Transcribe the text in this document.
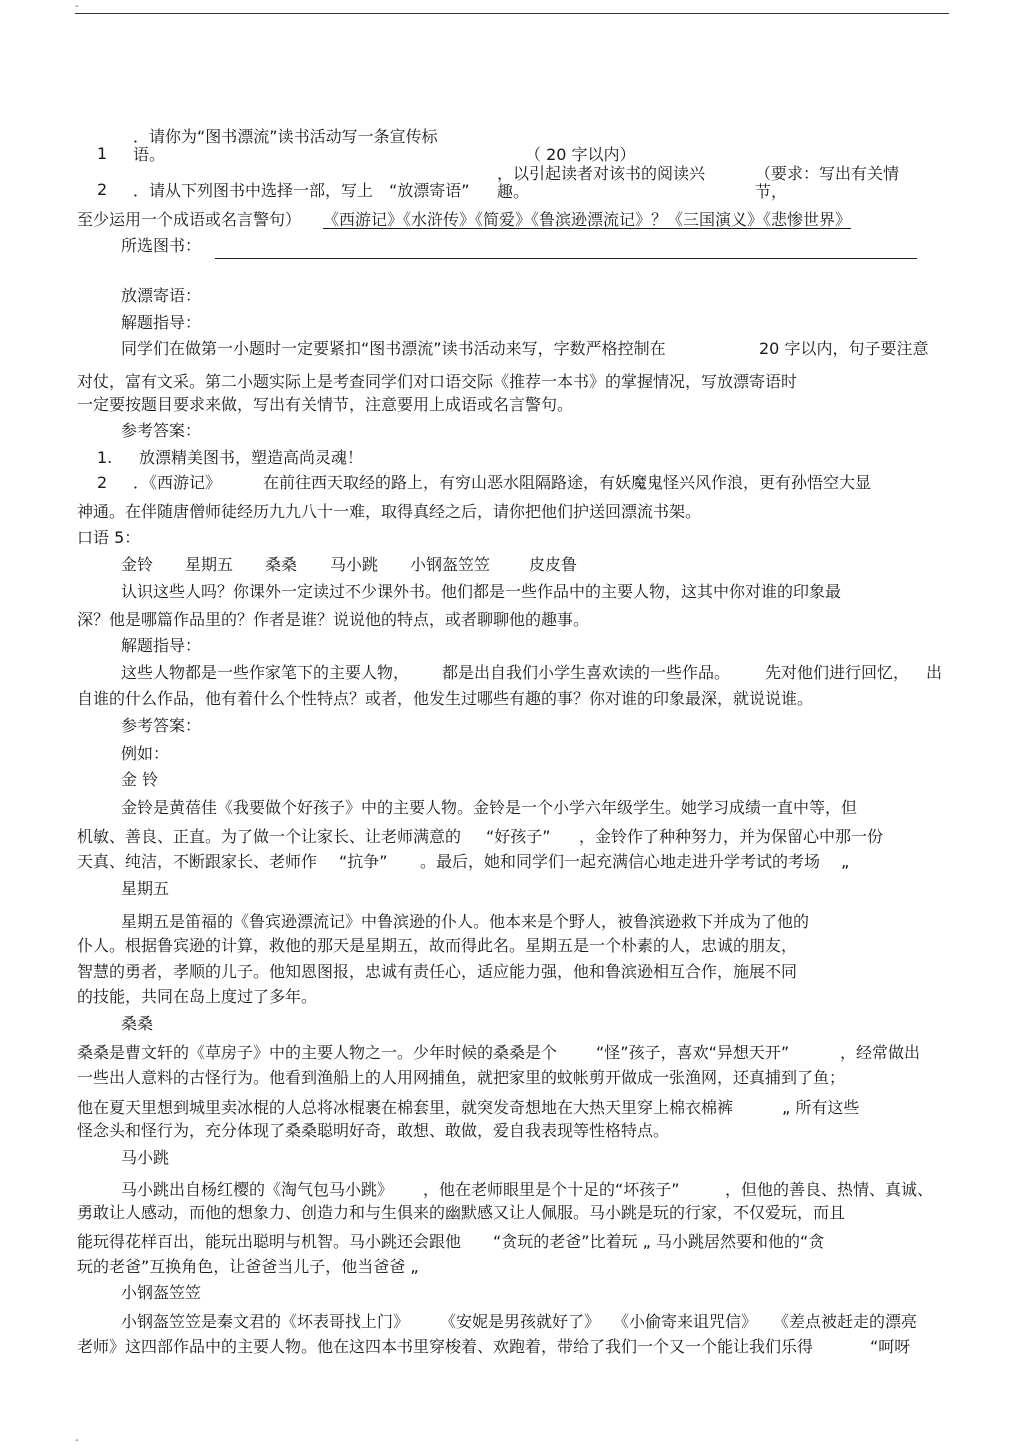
-
1
．请你为“图书漂流”读书活动写一条宣传标
语。	（ 20 字以内）
2 ．请从下列图书中选择一部，写上　“放漂寄语”
，以引起读者对该书的阅读兴
趣。
（要求：写出有关情
节，
至少运用一个成语或名言警句） 《西游记》《水浒传》《简爱》《鲁滨逊漂流记》？《三国演义》《悲惨世界》
所选图书：
放漂寄语：
解题指导：
同学们在做第一小题时一定要紧扣“图书漂流”读书活动来写，字数严格控制在	20 字以内，句子要注意
对仗，富有文采。第二小题实际上是考查同学们对口语交际《推荐一本书》的掌握情况，写放漂寄语时
一定要按题目要求来做，写出有关情节，注意要用上成语或名言警句。
参考答案：
1. 放漂精美图书，塑造高尚灵魂！
2 ．《西游记》	在前往西天取经的路上，有穷山恶水阻隔路途，有妖魔鬼怪兴风作浪，更有孙悟空大显
神通。在伴随唐僧师徒经历九九八十一难，取得真经之后，请你把他们护送回漂流书架。
口语 5：
金铃 星期五 桑桑 马小跳 小钢盔笠笠 皮皮鲁
认识这些人吗？你课外一定读过不少课外书。他们都是一些作品中的主要人物，这其中你对谁的印象最
深？他是哪篇作品里的？作者是谁？说说他的特点，或者聊聊他的趣事。
解题指导：
这些人物都是一些作家笔下的主要人物， 都是出自我们小学生喜欢读的一些作品。 先对他们进行回忆， 出
自谁的什么作品，他有着什么个性特点？或者，他发生过哪些有趣的事？你对谁的印象最深，就说说谁。
参考答案：
例如：
金 铃
金铃是黄蓓佳《我要做个好孩子》中的主要人物。金铃是一个小学六年级学生。她学习成绩一直中等，但
机敏、善良、正直。为了做一个让家长、让老师满意的 “好孩子” ，金铃作了种种努力，并为保留心中那一份
天真、纯洁，不断跟家长、老师作 “抗争” 。最后，她和同学们一起充满信心地走进升学考试的考场 „
星期五
星期五是笛福的《鲁宾逊漂流记》中鲁滨逊的仆人。他本来是个野人，被鲁滨逊救下并成为了他的
仆人。根据鲁宾逊的计算，救他的那天是星期五，故而得此名。星期五是一个朴素的人，忠诚的朋友，
智慧的勇者，孝顺的儿子。他知恩图报，忠诚有责任心，适应能力强，他和鲁滨逊相互合作，施展不同
的技能，共同在岛上度过了多年。
桑桑
桑桑是曹文轩的《草房子》中的主要人物之一。少年时候的桑桑是个 “怪”孩子，喜欢“异想天开”	，经常做出
一些出人意料的古怪行为。他看到渔船上的人用网捕鱼，就把家里的蚊帐剪开做成一张渔网，还真捕到了鱼；
他在夏天里想到城里卖冰棍的人总将冰棍裹在棉套里，就突发奇想地在大热天里穿上棉衣棉裤	„ 所有这些
怪念头和怪行为，充分体现了桑桑聪明好奇，敢想、敢做，爱自我表现等性格特点。
马小跳
马小跳出自杨红樱的《淘气包马小跳》 ，他在老师眼里是个十足的“坏孩子”	，但他的善良、热情、真诚、
勇敢让人感动，而他的想象力、创造力和与生俱来的幽默感又让人佩服。马小跳是玩的行家，不仅爱玩，而且
能玩得花样百出，能玩出聪明与机智。马小跳还会跟他 “贪玩的老爸”比着玩 „ 马小跳居然要和他的“贪
玩的老爸”互换角色，让爸爸当儿子，他当爸爸 „
小钢盔笠笠
小钢盔笠笠是秦文君的《坏表哥找上门》 《安妮是男孩就好了》 《小偷寄来诅咒信》 《差点被赶走的漂亮
老师》这四部作品中的主要人物。他在这四本书里穿梭着、欢跑着，带给了我们一个又一个能让我们乐得	“呵呀
-
